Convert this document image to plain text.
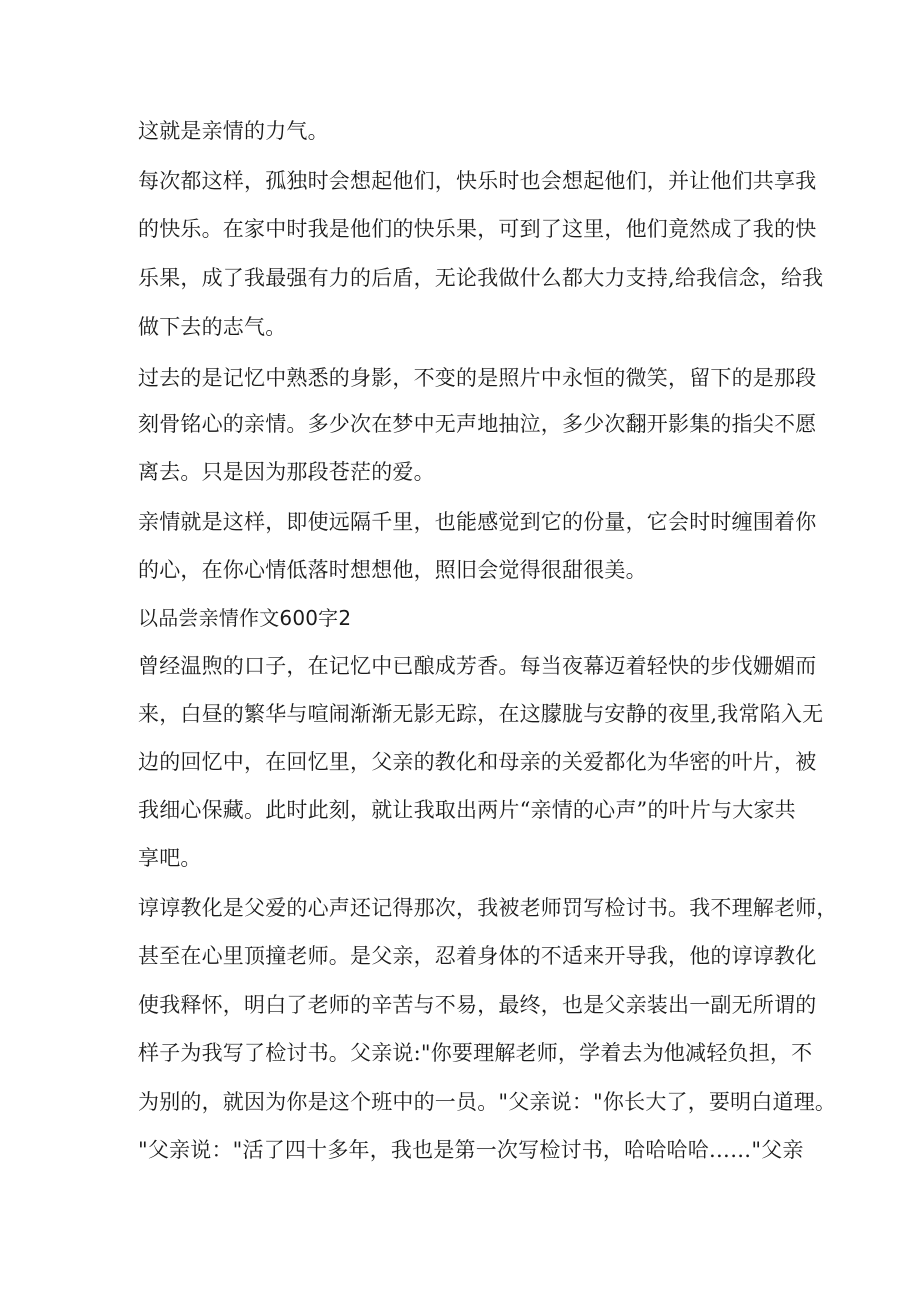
这就是亲情的力气。
每次都这样，孤独时会想起他们，快乐时也会想起他们，并让他们共享我
的快乐。在家中时我是他们的快乐果，可到了这里，他们竟然成了我的快
乐果，成了我最强有力的后盾，无论我做什么都大力支持,给我信念，给我
做下去的志气。
过去的是记忆中熟悉的身影，不变的是照片中永恒的微笑，留下的是那段
刻骨铭心的亲情。多少次在梦中无声地抽泣，多少次翻开影集的指尖不愿
离去。只是因为那段苍茫的爱。
亲情就是这样，即使远隔千里，也能感觉到它的份量，它会时时缠围着你
的心，在你心情低落时想想他，照旧会觉得很甜很美。
以品尝亲情作文600字2
曾经温煦的口子，在记忆中已酿成芳香。每当夜幕迈着轻快的步伐姗媚而
来，白昼的繁华与喧闹渐渐无影无踪，在这朦胧与安静的夜里,我常陷入无
边的回忆中，在回忆里，父亲的教化和母亲的关爱都化为华密的叶片，被
我细心保藏。此时此刻，就让我取出两片“亲情的心声”的叶片与大家共
享吧。
谆谆教化是父爱的心声还记得那次，我被老师罚写检讨书。我不理解老师，
甚至在心里顶撞老师。是父亲，忍着身体的不适来开导我，他的谆谆教化
使我释怀，明白了老师的辛苦与不易，最终，也是父亲装出一副无所谓的
样子为我写了检讨书。父亲说:"你要理解老师，学着去为他减轻负担，不
为别的，就因为你是这个班中的一员。"父亲说："你长大了，要明白道理。
"父亲说："活了四十多年，我也是第一次写检讨书，哈哈哈哈……"父亲
